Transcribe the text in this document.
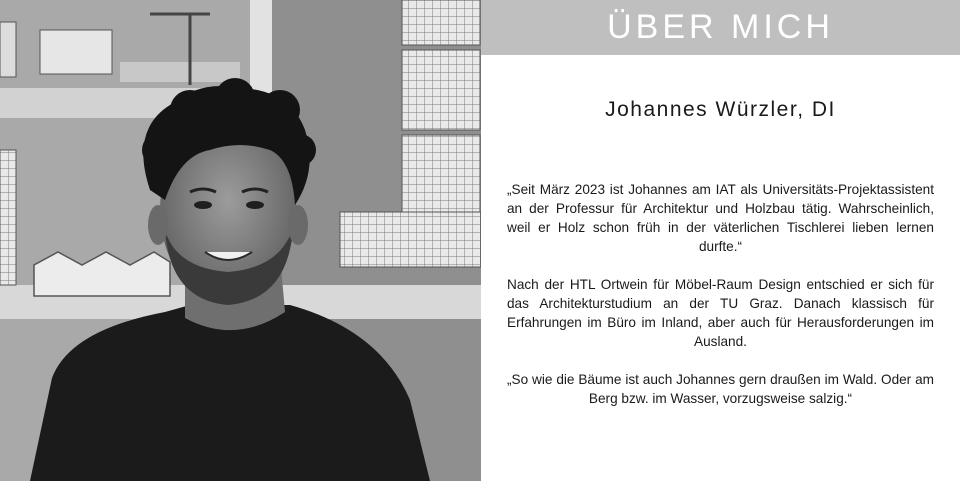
ÜBER MICH
Johannes Würzler, DI

„Seit März 2023 ist Johannes am IAT als Universitäts-Projektassistent an der Professur für Architektur und Holzbau tätig. Wahrscheinlich, weil er Holz schon früh in der väterlichen Tischlerei lieben lernen durfte.“

Nach der HTL Ortwein für Möbel-Raum Design entschied er sich für das Architekturstudium an der TU Graz. Danach klassisch für Erfahrungen im Büro im Inland, aber auch für Herausforderungen im Ausland.

„So wie die Bäume ist auch Johannes gern draußen im Wald. Oder am Berg bzw. im Wasser, vorzugsweise salzig.“
